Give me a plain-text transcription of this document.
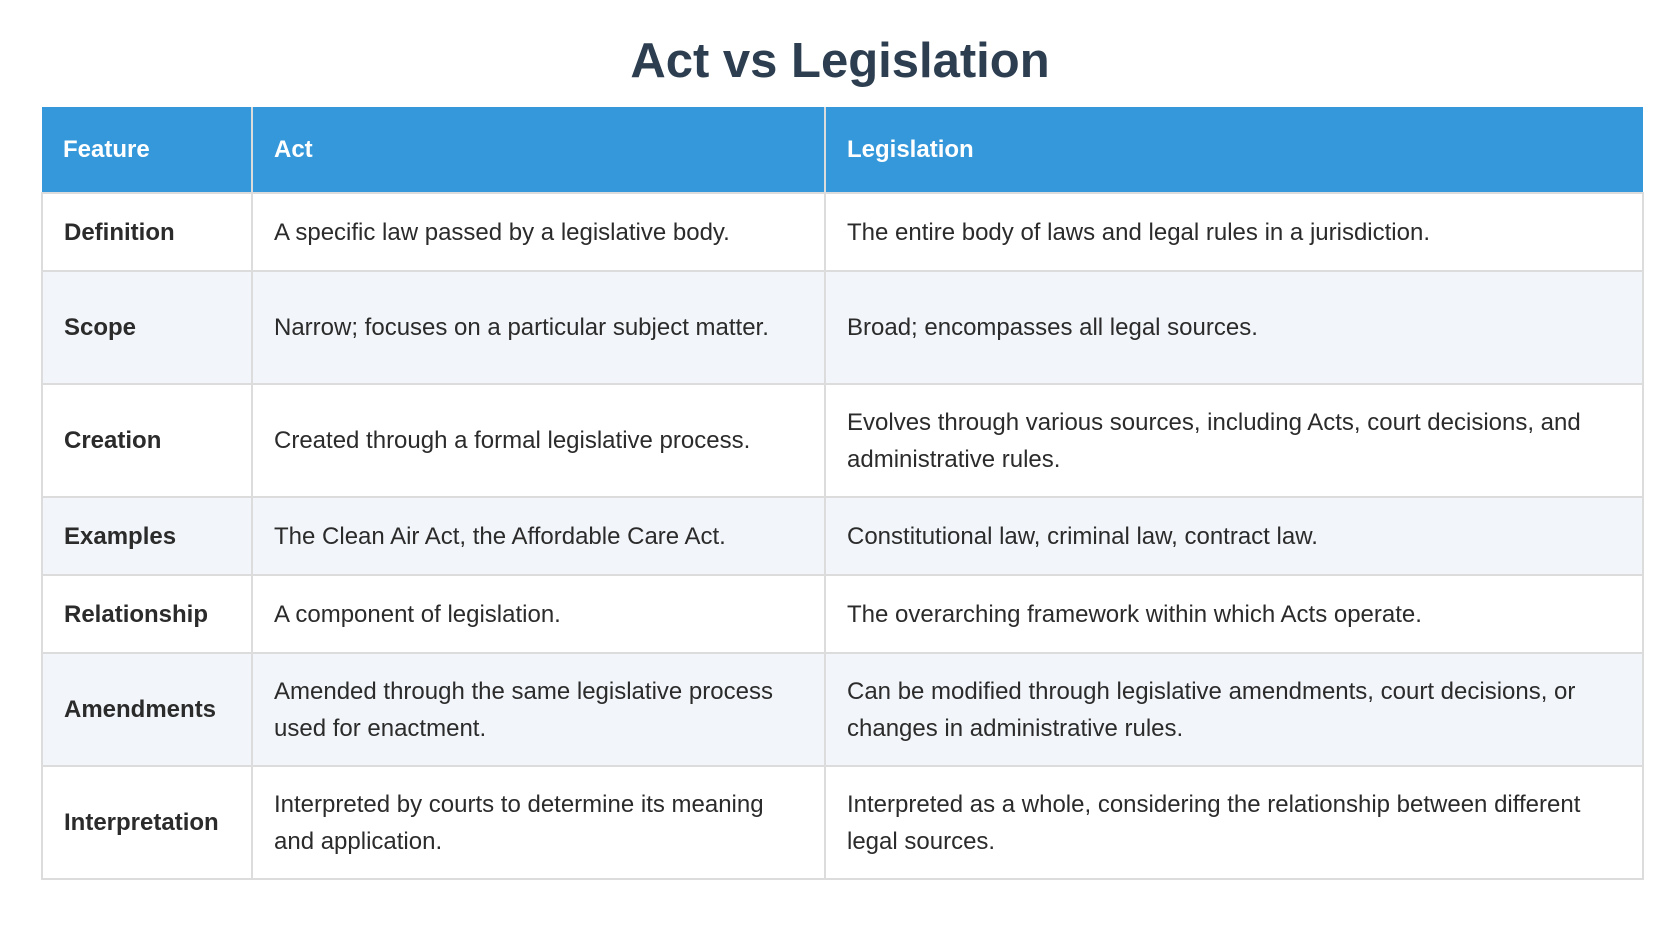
Act vs Legislation
Feature	Act	Legislation
Definition	A specific law passed by a legislative body.	The entire body of laws and legal rules in a jurisdiction.
Scope	Narrow; focuses on a particular subject matter.	Broad; encompasses all legal sources.
Creation	Created through a formal legislative process.	Evolves through various sources, including Acts, court decisions, and administrative rules.
Examples	The Clean Air Act, the Affordable Care Act.	Constitutional law, criminal law, contract law.
Relationship	A component of legislation.	The overarching framework within which Acts operate.
Amendments	Amended through the same legislative process used for enactment.	Can be modified through legislative amendments, court decisions, or changes in administrative rules.
Interpretation	Interpreted by courts to determine its meaning and application.	Interpreted as a whole, considering the relationship between different legal sources.
